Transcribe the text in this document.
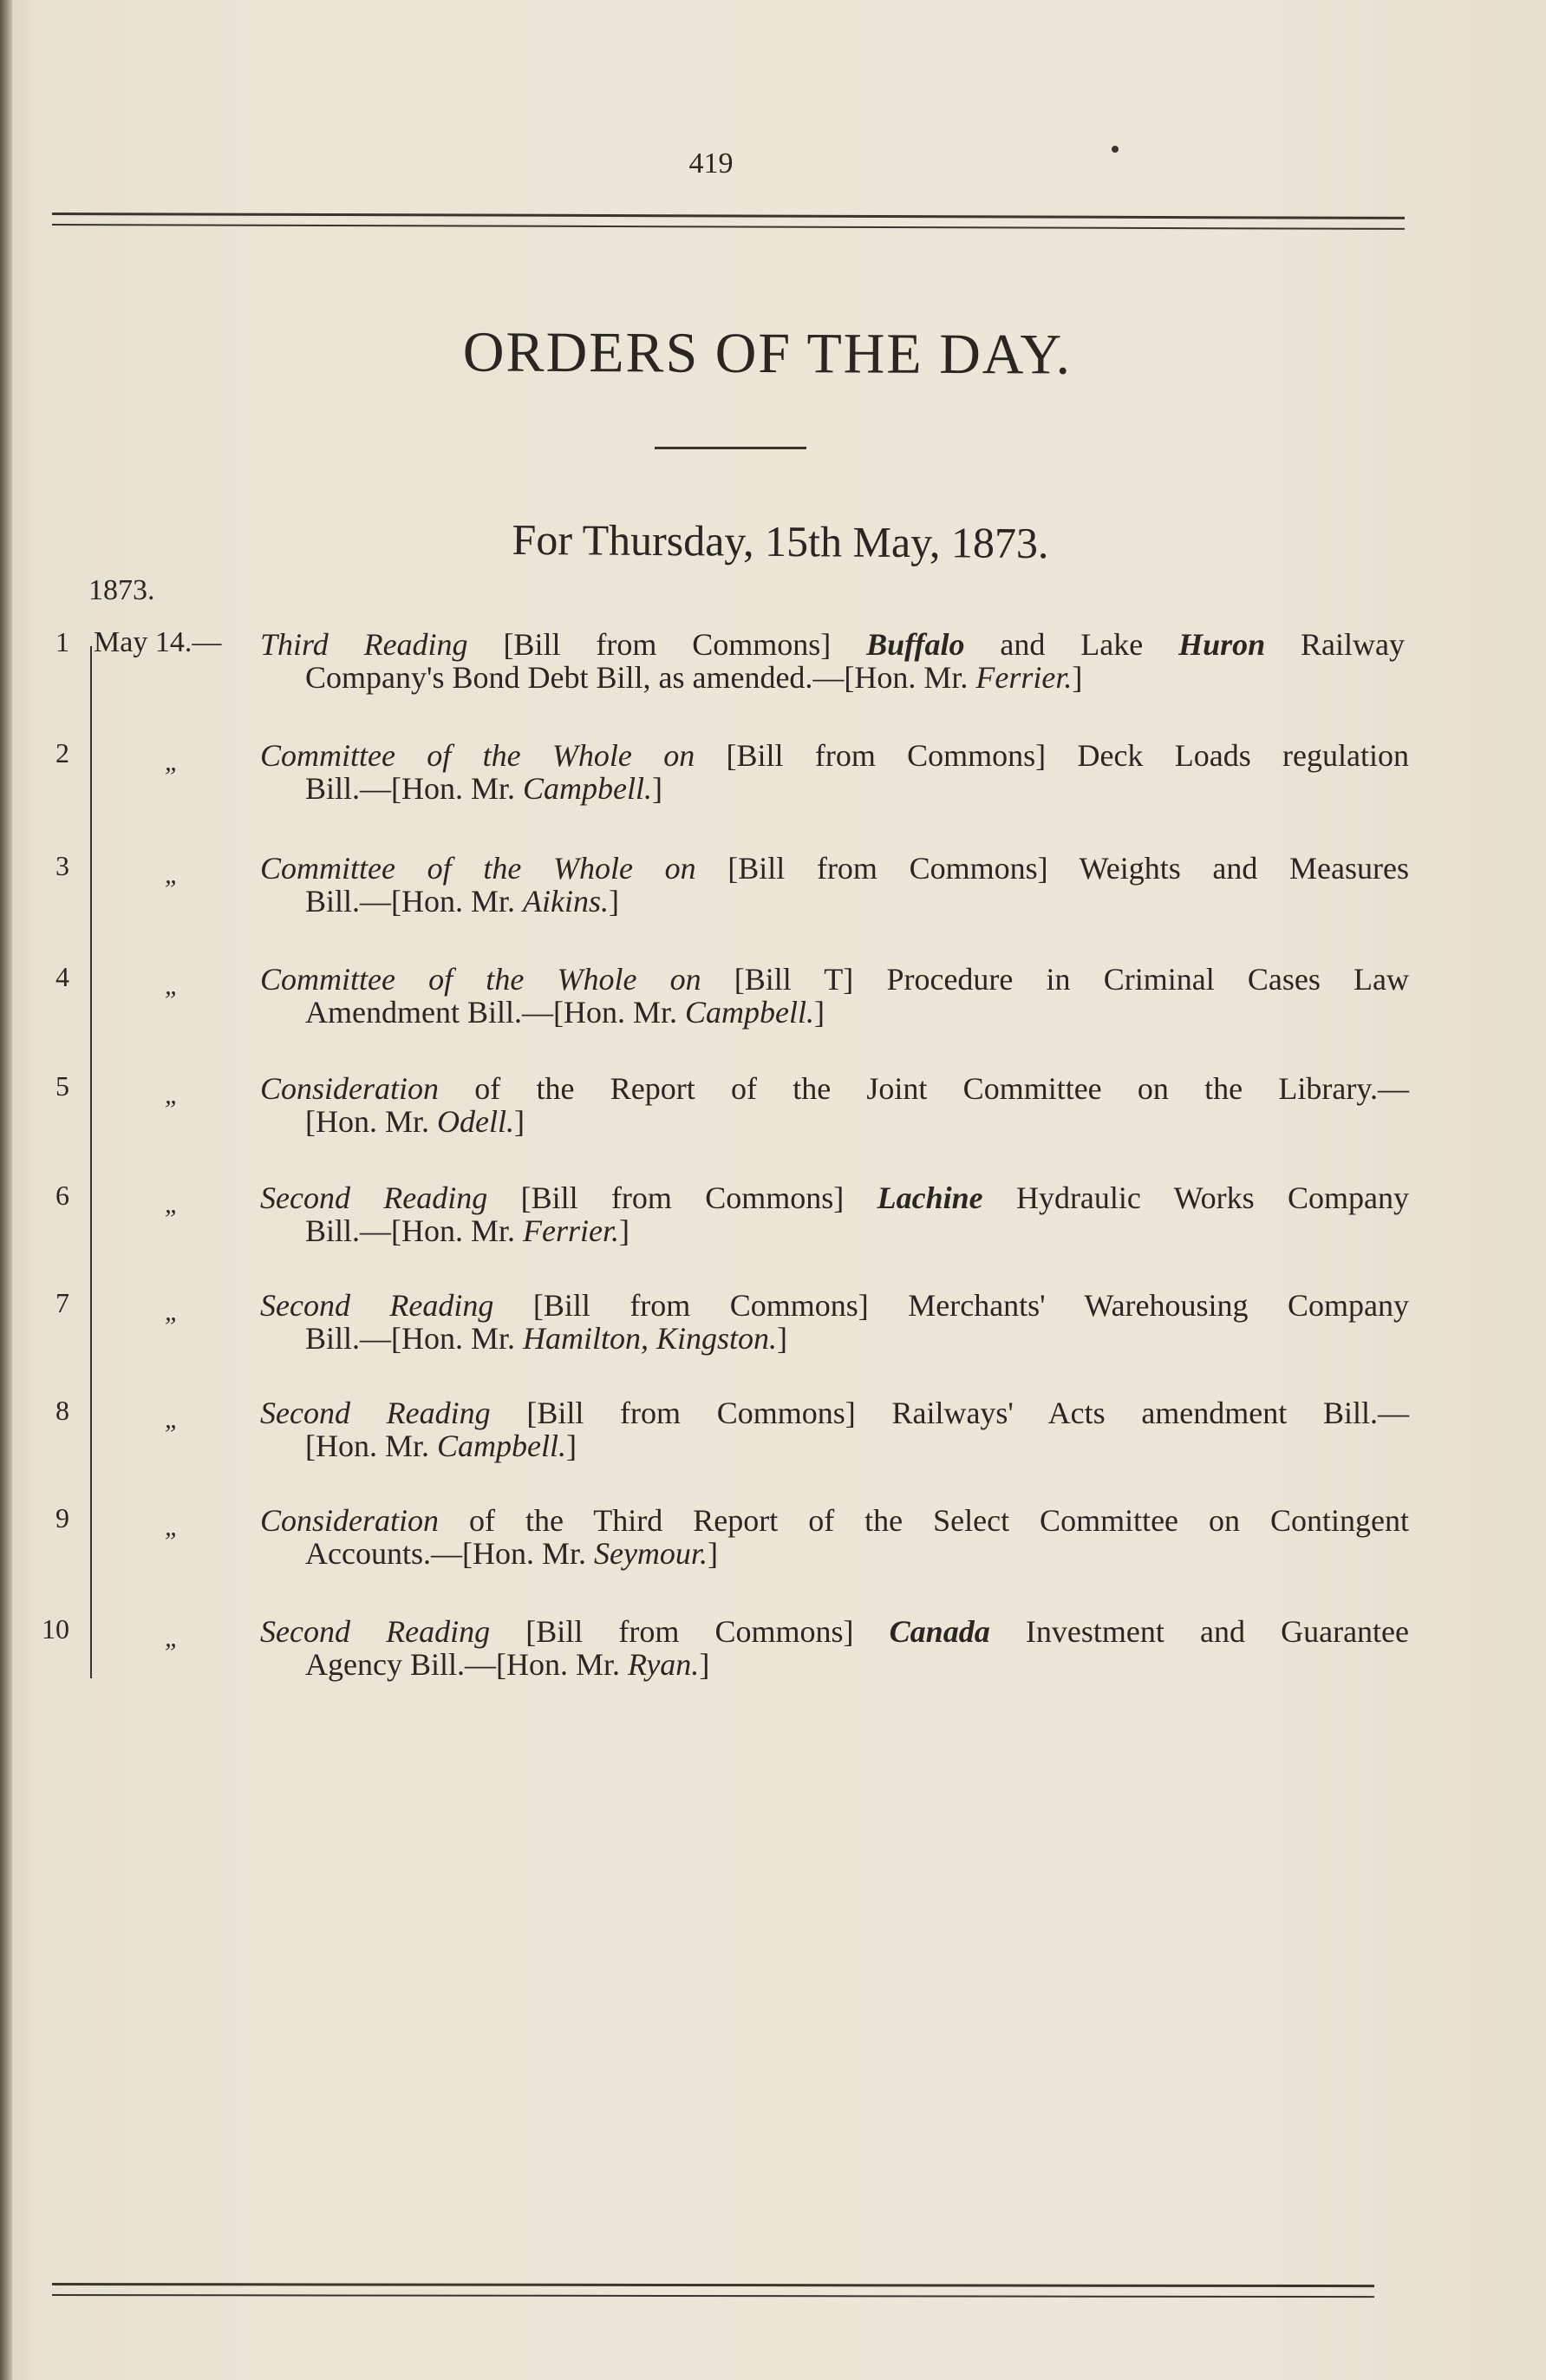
419
ORDERS OF THE DAY.
For Thursday, 15th May, 1873.
1873.
1 May 14.— Third Reading [Bill from Commons] Buffalo and Lake Huron Railway
Company's Bond Debt Bill, as amended.—[Hon. Mr. Ferrier.]
2	„	Committee of the Whole on [Bill from Commons] Deck Loads regulation
Bill.—[Hon. Mr. Campbell.]
3	„	Committee of the Whole on [Bill from Commons] Weights and Measures
Bill.—[Hon. Mr. Aikins.]
4	„	Committee of the Whole on [Bill T] Procedure in Criminal Cases Law
Amendment Bill.—[Hon. Mr. Campbell.]
5	„	Consideration of the Report of the Joint Committee on the Library.—
[Hon. Mr. Odell.]
6	„	Second Reading [Bill from Commons] Lachine Hydraulic Works Company
Bill.—[Hon. Mr. Ferrier.]
7	„	Second Reading [Bill from Commons] Merchants' Warehousing Company
Bill.—[Hon. Mr. Hamilton, Kingston.]
8	„	Second Reading [Bill from Commons] Railways' Acts amendment Bill.—
[Hon. Mr. Campbell.]
9	„	Consideration of the Third Report of the Select Committee on Contingent
Accounts.—[Hon. Mr. Seymour.]
10	„	Second Reading [Bill from Commons] Canada Investment and Guarantee
Agency Bill.—[Hon. Mr. Ryan.]
